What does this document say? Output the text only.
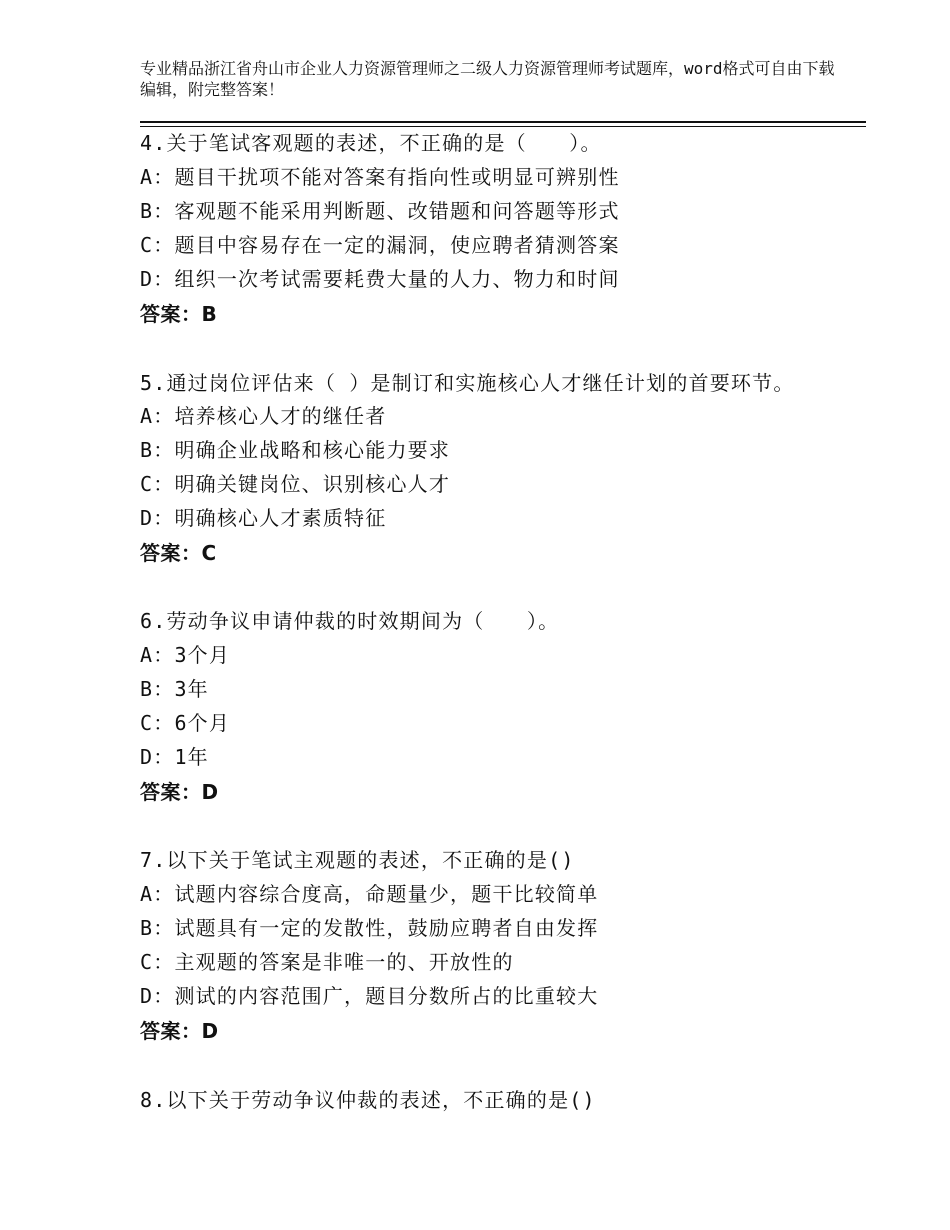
专业精品浙江省舟山市企业人力资源管理师之二级人力资源管理师考试题库，word格式可自由下载编辑，附完整答案！
4.关于笔试客观题的表述，不正确的是（　　）。
A：题目干扰项不能对答案有指向性或明显可辨别性
B：客观题不能采用判断题、改错题和问答题等形式
C：题目中容易存在一定的漏洞，使应聘者猜测答案
D：组织一次考试需要耗费大量的人力、物力和时间
答案：B
5.通过岗位评估来（ ）是制订和实施核心人才继任计划的首要环节。
A：培养核心人才的继任者
B：明确企业战略和核心能力要求
C：明确关键岗位、识别核心人才
D：明确核心人才素质特征
答案：C
6.劳动争议申请仲裁的时效期间为（　　）。
A：3个月
B：3年
C：6个月
D：1年
答案：D
7.以下关于笔试主观题的表述，不正确的是()
A：试题内容综合度高，命题量少，题干比较简单
B：试题具有一定的发散性，鼓励应聘者自由发挥
C：主观题的答案是非唯一的、开放性的
D：测试的内容范围广，题目分数所占的比重较大
答案：D
8.以下关于劳动争议仲裁的表述，不正确的是()
